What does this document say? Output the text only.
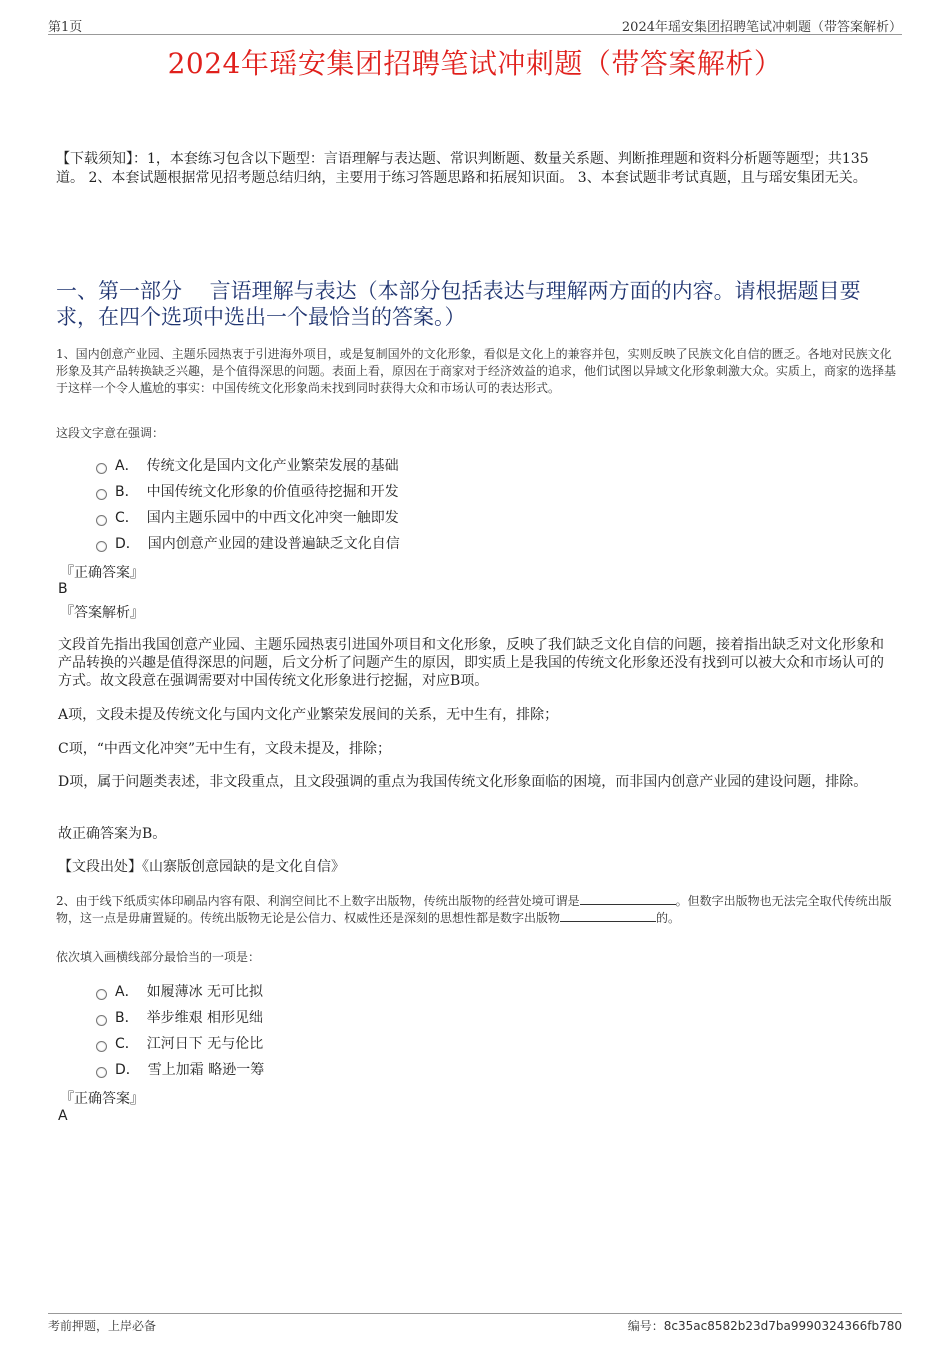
第1页	2024年瑶安集团招聘笔试冲刺题（带答案解析）
2024年瑶安集团招聘笔试冲刺题（带答案解析）
【下载须知】：1，本套练习包含以下题型：言语理解与表达题、常识判断题、数量关系题、判断推理题和资料分析题等题型；共135道。 2、本套试题根据常见招考题总结归纳，主要用于练习答题思路和拓展知识面。 3、本套试题非考试真题，且与瑶安集团无关。
一、第一部分　 言语理解与表达（本部分包括表达与理解两方面的内容。请根据题目要求，在四个选项中选出一个最恰当的答案。）
1、国内创意产业园、主题乐园热衷于引进海外项目，或是复制国外的文化形象，看似是文化上的兼容并包，实则反映了民族文化自信的匮乏。各地对民族文化形象及其产品转换缺乏兴趣，是个值得深思的问题。表面上看，原因在于商家对于经济效益的追求，他们试图以异域文化形象刺激大众。实质上，商家的选择基于这样一个令人尴尬的事实：中国传统文化形象尚未找到同时获得大众和市场认可的表达形式。
这段文字意在强调：
A． 传统文化是国内文化产业繁荣发展的基础
B． 中国传统文化形象的价值亟待挖掘和开发
C． 国内主题乐园中的中西文化冲突一触即发
D． 国内创意产业园的建设普遍缺乏文化自信
『正确答案』
B
『答案解析』
文段首先指出我国创意产业园、主题乐园热衷引进国外项目和文化形象，反映了我们缺乏文化自信的问题，接着指出缺乏对文化形象和产品转换的兴趣是值得深思的问题，后文分析了问题产生的原因，即实质上是我国的传统文化形象还没有找到可以被大众和市场认可的方式。故文段意在强调需要对中国传统文化形象进行挖掘，对应B项。
A项，文段未提及传统文化与国内文化产业繁荣发展间的关系，无中生有，排除；
C项，“中西文化冲突”无中生有，文段未提及，排除；
D项，属于问题类表述，非文段重点，且文段强调的重点为我国传统文化形象面临的困境，而非国内创意产业园的建设问题，排除。
故正确答案为B。
【文段出处】《山寨版创意园缺的是文化自信》
2、由于线下纸质实体印刷品内容有限、利润空间比不上数字出版物，传统出版物的经营处境可谓是	。但数字出版物也无法完全取代传统出版物，这一点是毋庸置疑的。传统出版物无论是公信力、权威性还是深刻的思想性都是数字出版物	的。
依次填入画横线部分最恰当的一项是：
A． 如履薄冰 无可比拟
B． 举步维艰 相形见绌
C． 江河日下 无与伦比
D． 雪上加霜 略逊一筹
『正确答案』
A
考前押题，上岸必备	编号：8c35ac8582b23d7ba9990324366fb780
